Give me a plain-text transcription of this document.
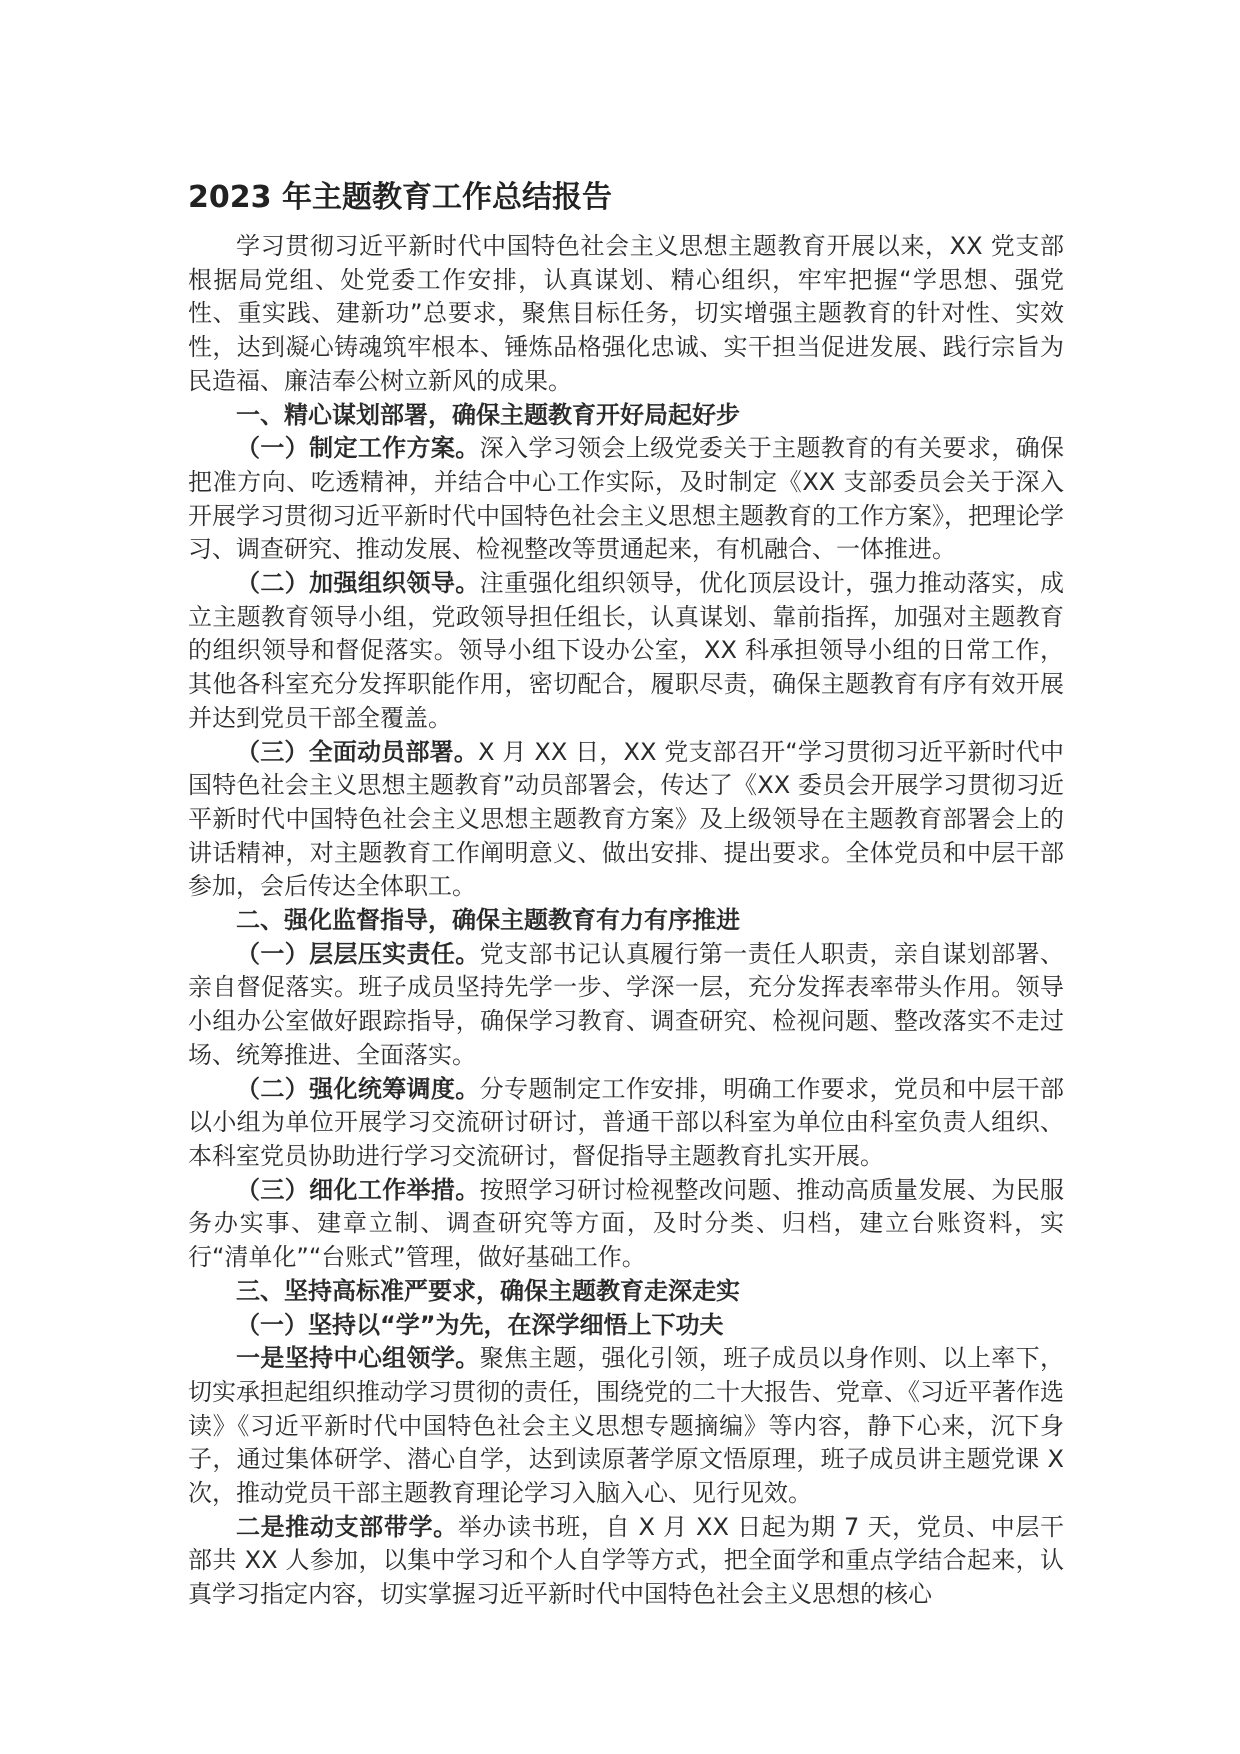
2023 年主题教育工作总结报告

学习贯彻习近平新时代中国特色社会主义思想主题教育开展以来，XX 党支部根据局党组、处党委工作安排，认真谋划、精心组织，牢牢把握“学思想、强党性、重实践、建新功”总要求，聚焦目标任务，切实增强主题教育的针对性、实效性，达到凝心铸魂筑牢根本、锤炼品格强化忠诚、实干担当促进发展、践行宗旨为民造福、廉洁奉公树立新风的成果。

一、精心谋划部署，确保主题教育开好局起好步

（一）制定工作方案。深入学习领会上级党委关于主题教育的有关要求，确保把准方向、吃透精神，并结合中心工作实际，及时制定《XX 支部委员会关于深入开展学习贯彻习近平新时代中国特色社会主义思想主题教育的工作方案》，把理论学习、调查研究、推动发展、检视整改等贯通起来，有机融合、一体推进。

（二）加强组织领导。注重强化组织领导，优化顶层设计，强力推动落实，成立主题教育领导小组，党政领导担任组长，认真谋划、靠前指挥，加强对主题教育的组织领导和督促落实。领导小组下设办公室，XX 科承担领导小组的日常工作，其他各科室充分发挥职能作用，密切配合，履职尽责，确保主题教育有序有效开展并达到党员干部全覆盖。

（三）全面动员部署。X 月 XX 日，XX 党支部召开“学习贯彻习近平新时代中国特色社会主义思想主题教育”动员部署会，传达了《XX 委员会开展学习贯彻习近平新时代中国特色社会主义思想主题教育方案》及上级领导在主题教育部署会上的讲话精神，对主题教育工作阐明意义、做出安排、提出要求。全体党员和中层干部参加，会后传达全体职工。

二、强化监督指导，确保主题教育有力有序推进

（一）层层压实责任。党支部书记认真履行第一责任人职责，亲自谋划部署、亲自督促落实。班子成员坚持先学一步、学深一层，充分发挥表率带头作用。领导小组办公室做好跟踪指导，确保学习教育、调查研究、检视问题、整改落实不走过场、统筹推进、全面落实。

（二）强化统筹调度。分专题制定工作安排，明确工作要求，党员和中层干部以小组为单位开展学习交流研讨研讨，普通干部以科室为单位由科室负责人组织、本科室党员协助进行学习交流研讨，督促指导主题教育扎实开展。

（三）细化工作举措。按照学习研讨检视整改问题、推动高质量发展、为民服务办实事、建章立制、调查研究等方面，及时分类、归档，建立台账资料，实行“清单化”“台账式”管理，做好基础工作。

三、坚持高标准严要求，确保主题教育走深走实

（一）坚持以“学”为先，在深学细悟上下功夫

一是坚持中心组领学。聚焦主题，强化引领，班子成员以身作则、以上率下，切实承担起组织推动学习贯彻的责任，围绕党的二十大报告、党章、《习近平著作选读》《习近平新时代中国特色社会主义思想专题摘编》等内容，静下心来，沉下身子，通过集体研学、潜心自学，达到读原著学原文悟原理，班子成员讲主题党课 X 次，推动党员干部主题教育理论学习入脑入心、见行见效。

二是推动支部带学。举办读书班，自 X 月 XX 日起为期 7 天，党员、中层干部共 XX 人参加，以集中学习和个人自学等方式，把全面学和重点学结合起来，认真学习指定内容，切实掌握习近平新时代中国特色社会主义思想的核心
